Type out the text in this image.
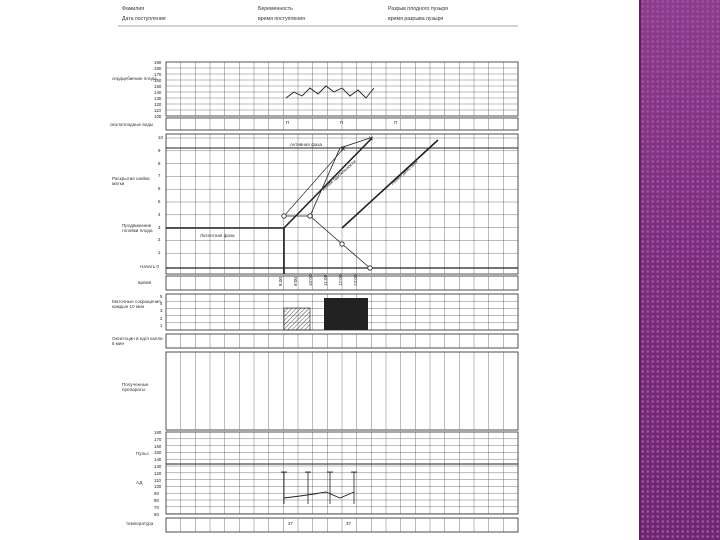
Фамилия
Дата поступления
Беременность
время поступления
Разрыв плодного пузыря
время разрыва пузыря
сердцебиение плода
околоплодные воды
Раскрытие шейки матки
Продвижение головки плода
Начать 0
время
Маточные сокращения каждые 10 мин
Окситоцин в ед/л капли в мин
Полученные препараты
Пульс
АД
температура
Активная фаза
Латентная фаза
Линия бдительности	Линия действия
190
180
170
160
150
140
130
120
110
100
10
9
8
7
6
5
4
3
2
1
5
4
3
2
1
180
170
160
150
140
130
120
110
100
90
80
70
60
8:00 9:00 10:00 11:00 12:00 13:00
П	П	П
37	37
✕
✕
